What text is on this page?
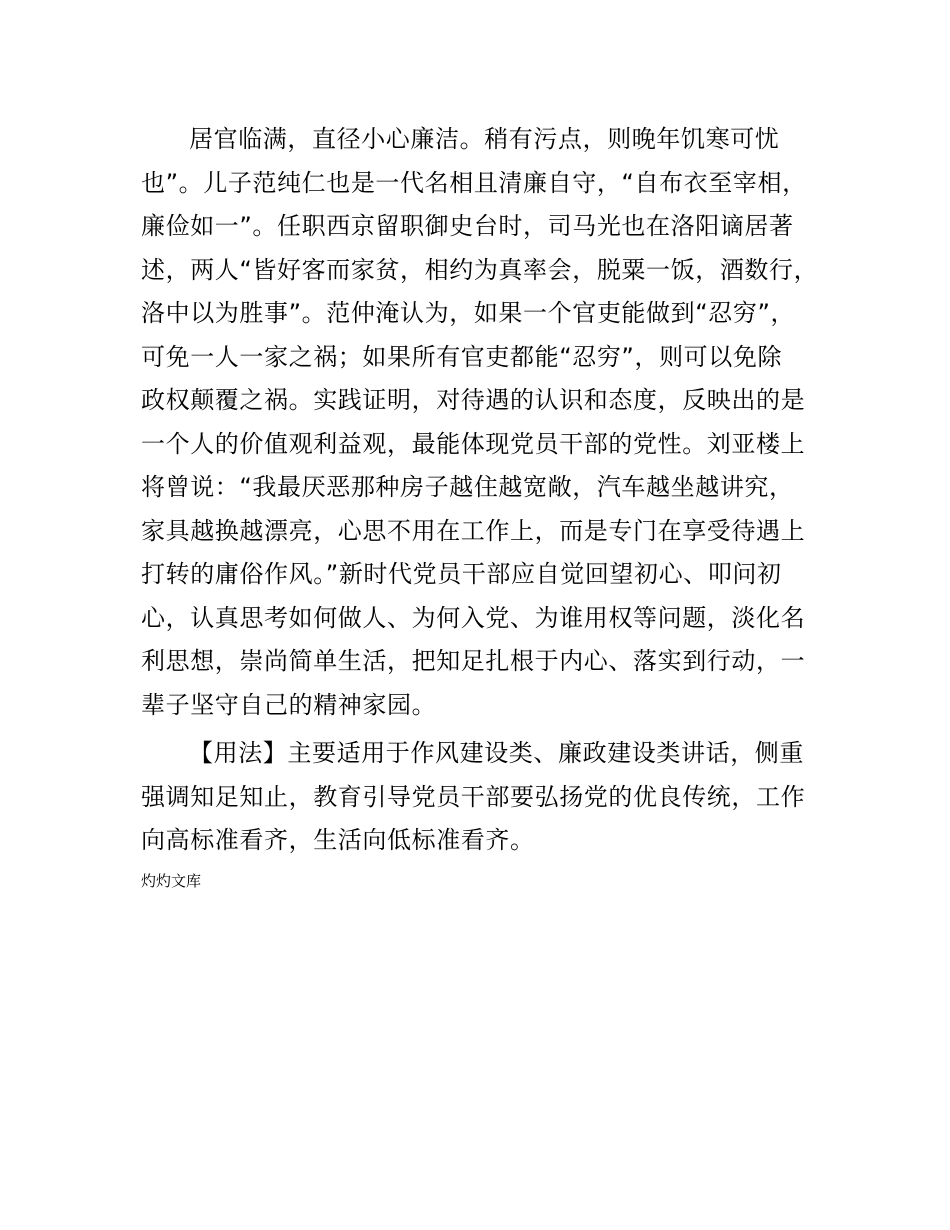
居官临满，直径小心廉洁。稍有污点，则晚年饥寒可忧
也”。儿子范纯仁也是一代名相且清廉自守，“自布衣至宰相，
廉俭如一”。任职西京留职御史台时，司马光也在洛阳谪居著
述，两人“皆好客而家贫，相约为真率会，脱粟一饭，酒数行，
洛中以为胜事”。范仲淹认为，如果一个官吏能做到“忍穷”，
可免一人一家之祸；如果所有官吏都能“忍穷”，则可以免除
政权颠覆之祸。实践证明，对待遇的认识和态度，反映出的是
一个人的价值观利益观，最能体现党员干部的党性。刘亚楼上
将曾说：“我最厌恶那种房子越住越宽敞，汽车越坐越讲究，
家具越换越漂亮，心思不用在工作上，而是专门在享受待遇上
打转的庸俗作风。”新时代党员干部应自觉回望初心、叩问初
心，认真思考如何做人、为何入党、为谁用权等问题，淡化名
利思想，崇尚简单生活，把知足扎根于内心、落实到行动，一
辈子坚守自己的精神家园。
【用法】主要适用于作风建设类、廉政建设类讲话，侧重
强调知足知止，教育引导党员干部要弘扬党的优良传统，工作
向高标准看齐，生活向低标准看齐。
灼灼文库
